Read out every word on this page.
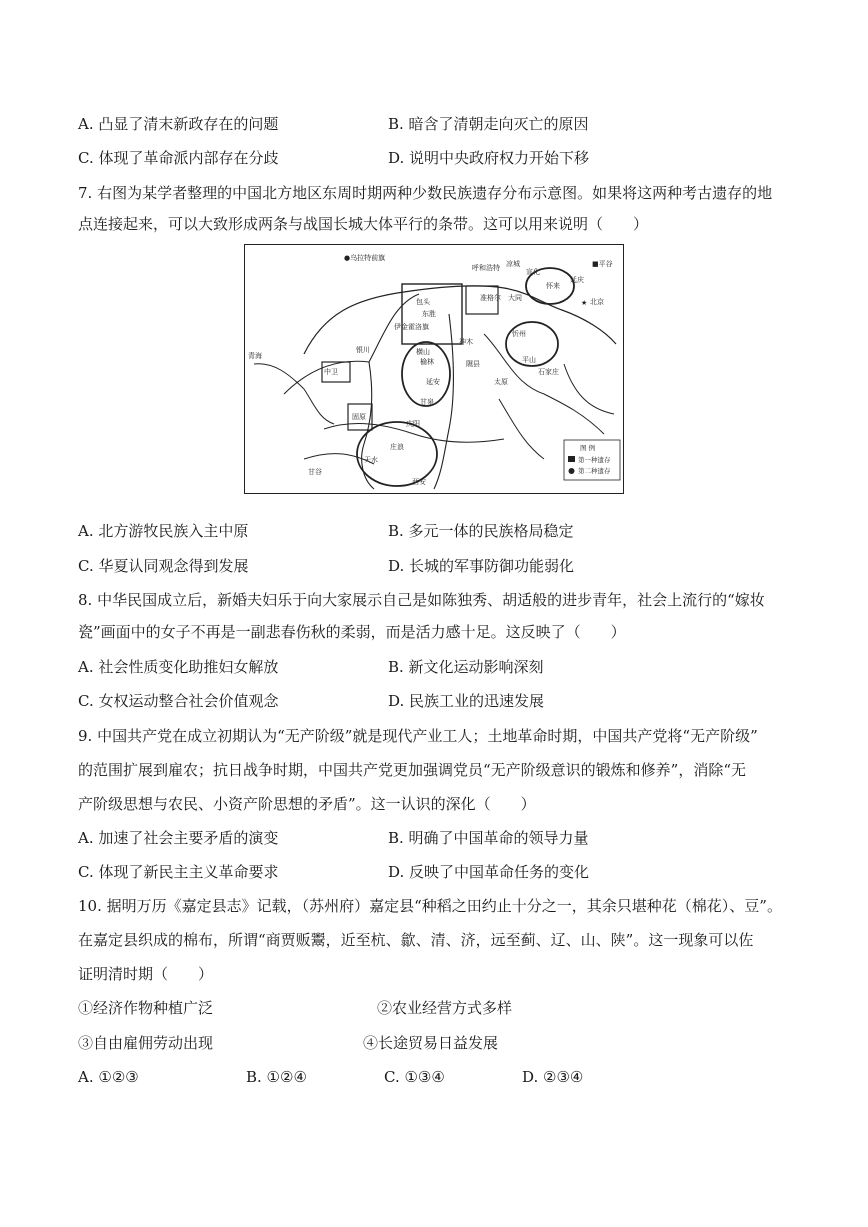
A. 凸显了清末新政存在的问题	B. 暗含了清朝走向灭亡的原因
C. 体现了革命派内部存在分歧	D. 说明中央政府权力开始下移
7. 右图为某学者整理的中国北方地区东周时期两种少数民族遗存分布示意图。如果将这两种考古遗存的地
点连接起来，可以大致形成两条与战国长城大体平行的条带。这可以用来说明（　　）
●乌拉特前旗
呼和浩特 凉城
宣化
怀来
■平谷
延庆
北京
★
准格尔 大同
青海
银川
中卫
固原
庆阳
神木
忻州
平山
石家庄
太原
榆林
甘泉
西安
天水
甘谷
延安
伊金霍洛旗
包头
东胜
庄浪
横山
隰县
图 例
第一种遗存
第二种遗存
A. 北方游牧民族入主中原	B. 多元一体的民族格局稳定
C. 华夏认同观念得到发展	D. 长城的军事防御功能弱化
8. 中华民国成立后，新婚夫妇乐于向大家展示自己是如陈独秀、胡适般的进步青年，社会上流行的“嫁妆
瓷”画面中的女子不再是一副悲春伤秋的柔弱，而是活力感十足。这反映了（　　）
A. 社会性质变化助推妇女解放	B. 新文化运动影响深刻
C. 女权运动整合社会价值观念	D. 民族工业的迅速发展
9. 中国共产党在成立初期认为“无产阶级”就是现代产业工人；土地革命时期，中国共产党将“无产阶级”
的范围扩展到雇农；抗日战争时期，中国共产党更加强调党员“无产阶级意识的锻炼和修养”，消除“无
产阶级思想与农民、小资产阶思想的矛盾”。这一认识的深化（　　）
A. 加速了社会主要矛盾的演变	B. 明确了中国革命的领导力量
C. 体现了新民主主义革命要求	D. 反映了中国革命任务的变化
10. 据明万历《嘉定县志》记载，（苏州府）嘉定县“种稻之田约止十分之一，其余只堪种花（棉花）、豆”。
在嘉定县织成的棉布，所谓“商贾贩鬻，近至杭、歙、清、济，远至蓟、辽、山、陕”。这一现象可以佐
证明清时期（　　）
①经济作物种植广泛	②农业经营方式多样
③自由雇佣劳动出现	④长途贸易日益发展
A. ①②③	B. ①②④	C. ①③④	D. ②③④
